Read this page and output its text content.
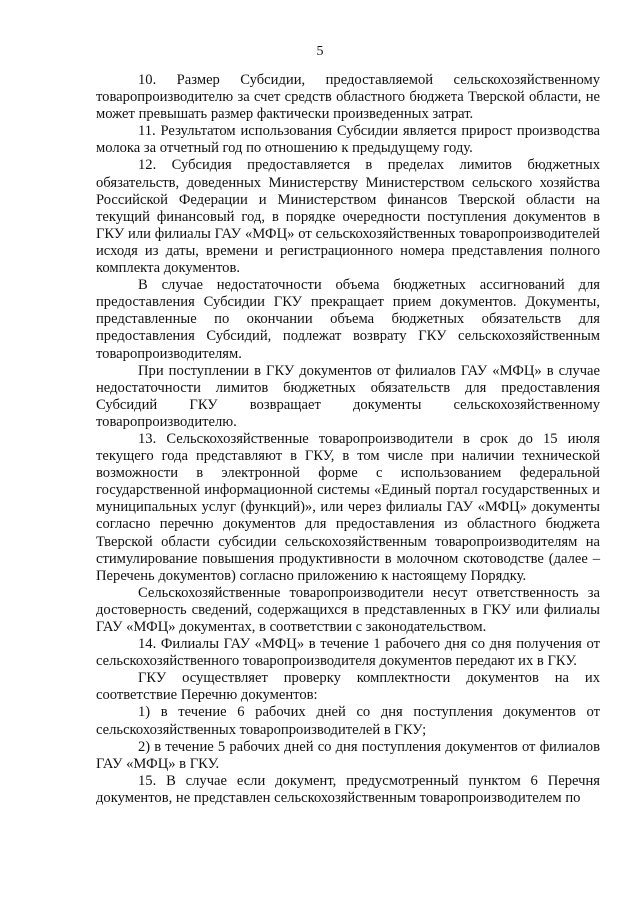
5

10. Размер Субсидии, предоставляемой сельскохозяйственному товаропроизводителю за счет средств областного бюджета Тверской области, не может превышать размер фактически произведенных затрат.

11. Результатом использования Субсидии является прирост производства молока за отчетный год по отношению к предыдущему году.

12. Субсидия предоставляется в пределах лимитов бюджетных обязательств, доведенных Министерству Министерством сельского хозяйства Российской Федерации и Министерством финансов Тверской области на текущий финансовый год, в порядке очередности поступления документов в ГКУ или филиалы ГАУ «МФЦ» от сельскохозяйственных товаропроизводителей исходя из даты, времени и регистрационного номера представления полного комплекта документов.

В случае недостаточности объема бюджетных ассигнований для предоставления Субсидии ГКУ прекращает прием документов. Документы, представленные по окончании объема бюджетных обязательств для предоставления Субсидий, подлежат возврату ГКУ сельскохозяйственным товаропроизводителям.

При поступлении в ГКУ документов от филиалов ГАУ «МФЦ» в случае недостаточности лимитов бюджетных обязательств для предоставления Субсидий ГКУ возвращает документы сельскохозяйственному товаропроизводителю.

13. Сельскохозяйственные товаропроизводители в срок до 15 июля текущего года представляют в ГКУ, в том числе при наличии технической возможности в электронной форме с использованием федеральной государственной информационной системы «Единый портал государственных и муниципальных услуг (функций)», или через филиалы ГАУ «МФЦ» документы согласно перечню документов для предоставления из областного бюджета Тверской области субсидии сельскохозяйственным товаропроизводителям на стимулирование повышения продуктивности в молочном скотоводстве (далее – Перечень документов) согласно приложению к настоящему Порядку.

Сельскохозяйственные товаропроизводители несут ответственность за достоверность сведений, содержащихся в представленных в ГКУ или филиалы ГАУ «МФЦ» документах, в соответствии с законодательством.

14. Филиалы ГАУ «МФЦ» в течение 1 рабочего дня со дня получения от сельскохозяйственного товаропроизводителя документов передают их в ГКУ.

ГКУ осуществляет проверку комплектности документов на их соответствие Перечню документов:

1) в течение 6 рабочих дней со дня поступления документов от сельскохозяйственных товаропроизводителей в ГКУ;

2) в течение 5 рабочих дней со дня поступления документов от филиалов ГАУ «МФЦ» в ГКУ.

15. В случае если документ, предусмотренный пунктом 6 Перечня документов, не представлен сельскохозяйственным товаропроизводителем по
